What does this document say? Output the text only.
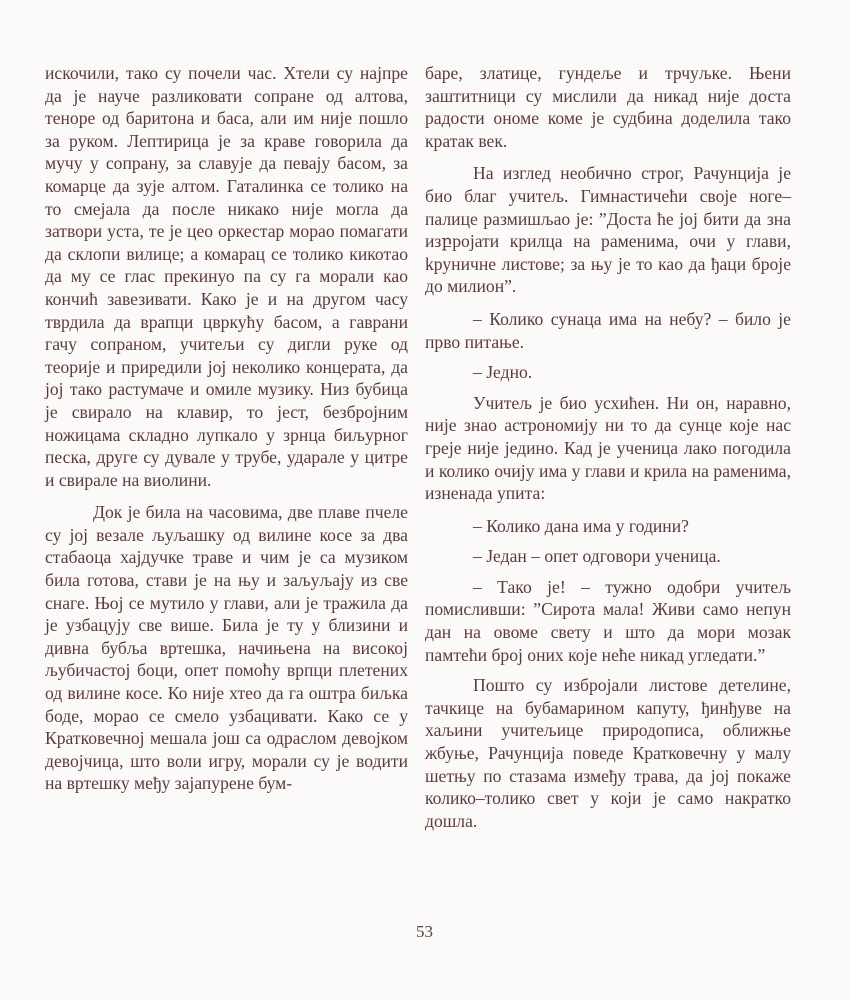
искочили, тако су почели час. Хтели су најпре да је науче разликовати сопране од алтова, теноре од баритона и баса, али им није пошло за руком. Лептирица је за краве говорила да мучу у сопрану, за славује да певају басом, за комарце да зује алтом. Гаталинка се толико на то смејала да после никако није могла да затвори уста, те је цео оркестар морао помагати да склопи вилице; а комарац се толико кикотао да му се глас прекинуо па су га морали као кончић завезивати. Како је и на другом часу тврдила да врапци цвркућу басом, а гаврани гачу сопраном, учитељи су дигли руке од теорије и приредили јој неколико концерата, да јој тако растумаче и омиле музику. Низ бубица је свирало на клавир, то јест, безбројним ножицама складно лупкало у зрнца биљурног песка, друге су дувале у трубе, ударале у цитре и свирале на виолини.

Док је била на часовима, две плаве пчеле су јој везале љуљашку од вилине косе за два стабаоца хајдучке траве и чим је са музиком била готова, стави је на њу и заљуљају из све снаге. Њој се мутило у глави, али је тражила да је узбацују све више. Била је ту у близини и дивна бубља вртешка, начињена на високој љубичастој боци, опет помоћу врпци плетених од вилине косе. Ко није хтео да га оштра биљка боде, морао се смело узбацивати. Како се у Кратковечној мешала још са одраслом девојком девојчица, што воли игру, морали су је водити на вртешку међу зајапурене бум-

баре, златице, гундеље и трчуљке. Њени заштитници су мислили да никад није доста радости ономе коме је судбина доделила тако кратак век.

На изглед необично строг, Рачунција је био благ учитељ. Гимнастичећи своје ноге–палице размишљао је: ”Доста ће јој бити да зна изբројати крилца на раменима, очи у глави, kруничне листове; за њу је то као да ђаци броје до милион”.

– Колико сунаца има на небу? – било је прво питање.

– Једно.

Учитељ је био усхићен. Ни он, наравно, није знао астрономију ни то да сунце које нас греје није једино. Кад је ученица лако погодила и колико очију има у глави и крила на раменима, изненада упита:

– Колико дана има у години?

– Један – опет одговори ученица.

– Тако је! – тужно одобри учитељ помисливши: ”Сирота мала! Живи само непун дан на овоме свету и што да мори мозак памтећи број оних које неће никад угледати.”

Пошто су избројали листове детелине, тачкице на бубамарином капуту, ђинђуве на хаљини учитељице природописа, оближње жбуње, Рачунција поведе Кратковечну у малу шетњу по стазама између трава, да јој покаже колико–толико свет у који је само накратко дошла.

53
